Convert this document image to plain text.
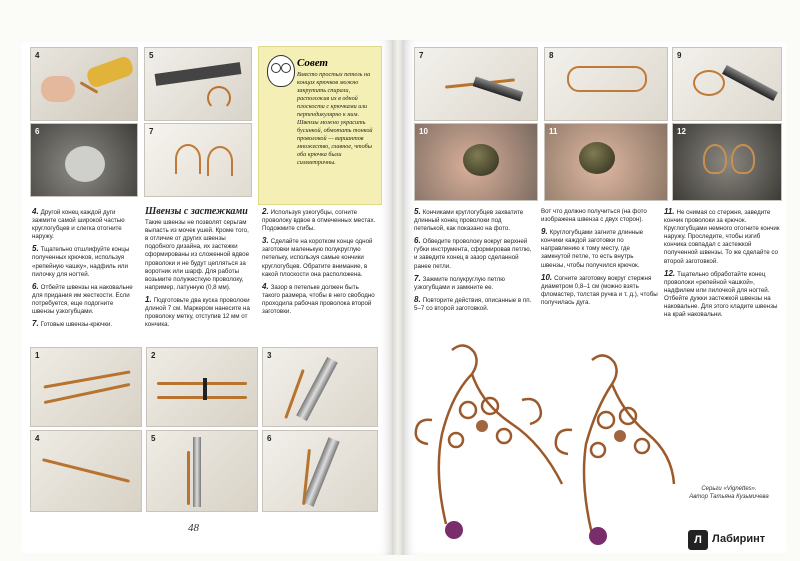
4	5
6	7
Совет
Вместо простых петель на концах крючков можно закрутить спирали, расположив их в одной плоскости с крючками или перпендикулярно к ним. Швензы можно украсить бусинкой, обмотать тонкой проволокой — вариантов множество, главное, чтобы оба крючка были симметричны.

4. Другой конец каждой дуги зажмите самой широкой частью круглогубцев и слегка отогните наружу.

5. Тщательно отшлифуйте концы полученных крючков, используя «репейную чашку», надфиль или пилочку для ногтей.

6. Отбейте швензы на наковальне для придания им жесткости. Если потребуется, еще подогните швензы узкогубцами.

7. Готовые швензы-крючки.

Швензы с застежками

Такие швензы не позволят серьгам выпасть из мочек ушей. Кроме того, в отличие от других швензы подобного дизайна, их застежки сформированы из сложенной вдвое проволоки и не будут цепляться за воротник или шарф. Для работы возьмите полужесткую проволоку, например, латунную (0,8 мм).

1. Подготовьте два куска проволоки длиной 7 см. Маркером нанесите на проволоку метку, отступив 12 мм от кончика.

2. Используя узкогубцы, согните проволоку вдвое в отмеченных местах. Подожмите сгибы.

3. Сделайте на коротком конце одной заготовки маленькую полукруглую петельку, используя самые кончики круглогубцев. Обратите внимание, в какой плоскости она расположена.

4. Зазор в петельке должен быть такого размера, чтобы в него свободно проходила рабочая проволока второй заготовки.

1	2	3
4	5	6
48
7	8	9
10	11	12

5. Кончиками круглогубцев захватите длинный конец проволоки под петелькой, как показано на фото.

6. Обведите проволоку вокруг верхней губки инструмента, сформировав петлю, и заведите конец в зазор сделанной ранее петли.

7. Зажмите полукруглую петлю узкогубцами и замкните ее.

8. Повторите действия, описанные в пп. 5–7 со второй заготовкой.

Вот что должно получиться (на фото изображена швенза с двух сторон).

9. Круглогубцами загните длинные кончики каждой заготовки по направлению к тому месту, где замкнутой петле, то есть внутрь швензы, чтобы получился крючок.

10. Согните заготовку вокруг стержня диаметром 0,8–1 см (можно взять фломастер, толстая ручка и т. д.), чтобы получилась дуга.

11. Не снимая со стержня, заведите кончик проволоки за крючок. Круглогубцами немного отогните кончик наружу. Проследите, чтобы изгиб кончика совпадал с застежкой полученной швензы. То же сделайте со второй заготовкой.

12. Тщательно обработайте конец проволоки «репейной чашкой», надфилем или пилочкой для ногтей. Отбейте дужки застежкой швензы на наковальне. Для этого кладите швензы на край наковальни.

Серьги «Vignettes».
Автор Татьяна Кузьмичева
Л Лабиринт
